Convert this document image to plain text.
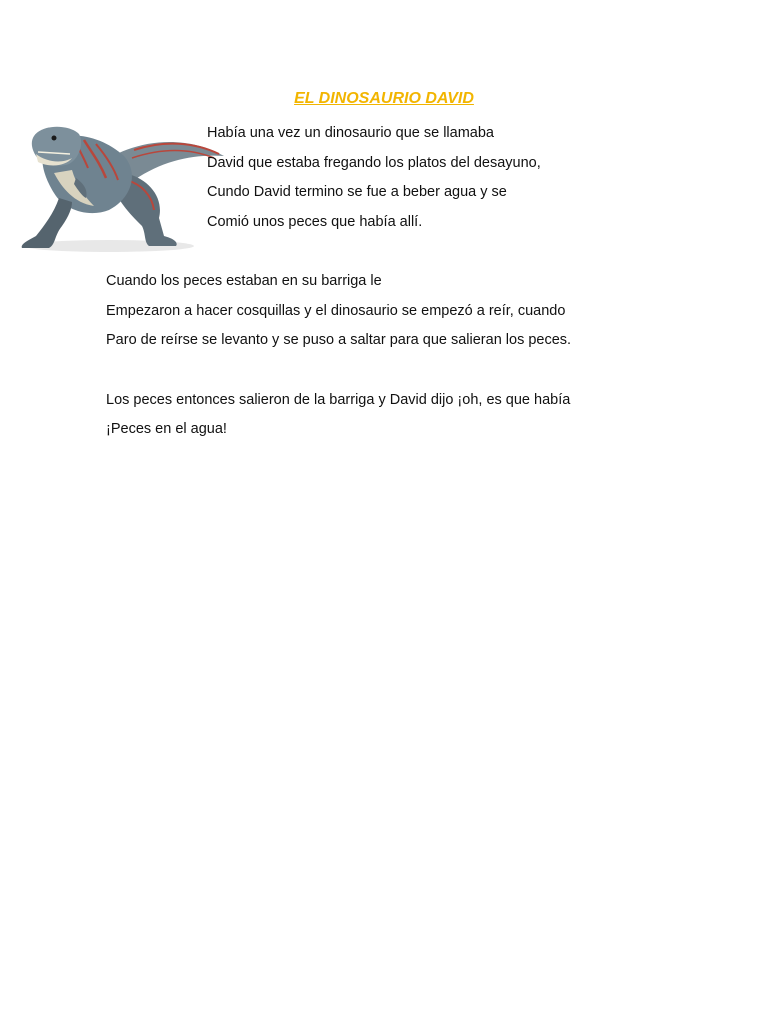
EL DINOSAURIO DAVID

Había una vez un dinosaurio que se llamaba

David que estaba fregando los platos del desayuno,

Cundo David termino se fue a beber agua y se

Comió unos peces que había allí.

Cuando los peces estaban en su barriga le

Empezaron a hacer cosquillas y el dinosaurio se empezó a reír, cuando

Paro de reírse se levanto y se puso a saltar para que salieran los peces.

Los peces entonces salieron de la barriga y David dijo ¡oh, es que había

¡Peces en el agua!
